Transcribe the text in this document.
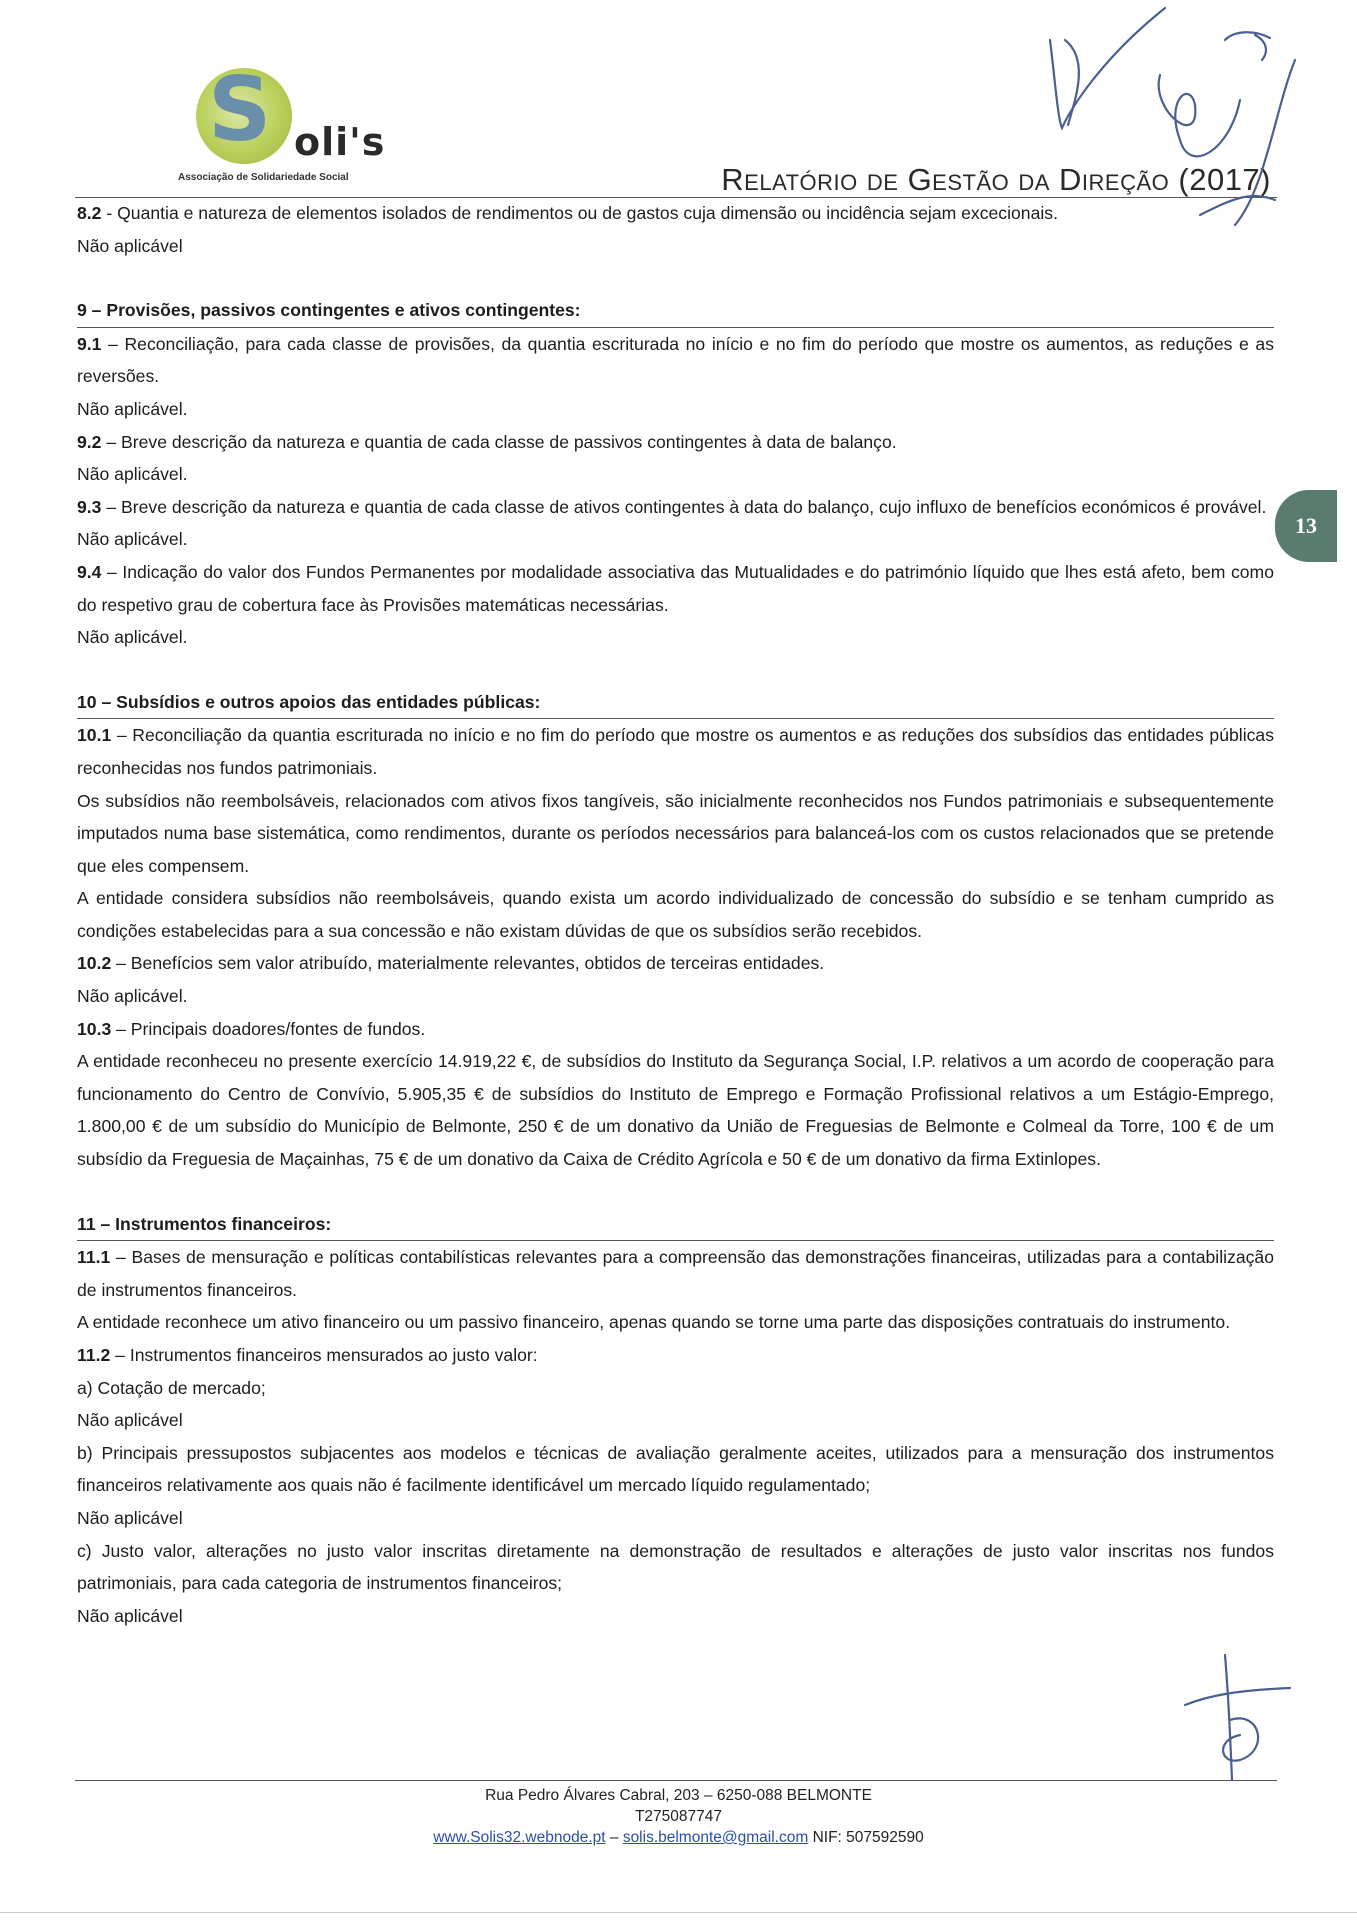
S oli's
Associação de Solidariedade Social	Relatório de Gestão da Direção (2017)
13

8.2 - Quantia e natureza de elementos isolados de rendimentos ou de gastos cuja dimensão ou incidência sejam excecionais.

Não aplicável

9 – Provisões, passivos contingentes e ativos contingentes:

9.1 – Reconciliação, para cada classe de provisões, da quantia escriturada no início e no fim do período que mostre os aumentos, as reduções e as reversões.

Não aplicável.

9.2 – Breve descrição da natureza e quantia de cada classe de passivos contingentes à data de balanço.

Não aplicável.

9.3 – Breve descrição da natureza e quantia de cada classe de ativos contingentes à data do balanço, cujo influxo de benefícios económicos é provável.

Não aplicável.

9.4 – Indicação do valor dos Fundos Permanentes por modalidade associativa das Mutualidades e do património líquido que lhes está afeto, bem como do respetivo grau de cobertura face às Provisões matemáticas necessárias.

Não aplicável.

10 – Subsídios e outros apoios das entidades públicas:

10.1 – Reconciliação da quantia escriturada no início e no fim do período que mostre os aumentos e as reduções dos subsídios das entidades públicas reconhecidas nos fundos patrimoniais.

Os subsídios não reembolsáveis, relacionados com ativos fixos tangíveis, são inicialmente reconhecidos nos Fundos patrimoniais e subsequentemente imputados numa base sistemática, como rendimentos, durante os períodos necessários para balanceá-los com os custos relacionados que se pretende que eles compensem.

A entidade considera subsídios não reembolsáveis, quando exista um acordo individualizado de concessão do subsídio e se tenham cumprido as condições estabelecidas para a sua concessão e não existam dúvidas de que os subsídios serão recebidos.

10.2 – Benefícios sem valor atribuído, materialmente relevantes, obtidos de terceiras entidades.

Não aplicável.

10.3 – Principais doadores/fontes de fundos.

A entidade reconheceu no presente exercício 14.919,22 €, de subsídios do Instituto da Segurança Social, I.P. relativos a um acordo de cooperação para funcionamento do Centro de Convívio, 5.905,35 € de subsídios do Instituto de Emprego e Formação Profissional relativos a um Estágio-Emprego, 1.800,00 € de um subsídio do Município de Belmonte, 250 € de um donativo da União de Freguesias de Belmonte e Colmeal da Torre, 100 € de um subsídio da Freguesia de Maçainhas, 75 € de um donativo da Caixa de Crédito Agrícola e 50 € de um donativo da firma Extinlopes.

11 – Instrumentos financeiros:

11.1 – Bases de mensuração e políticas contabilísticas relevantes para a compreensão das demonstrações financeiras, utilizadas para a contabilização de instrumentos financeiros.

A entidade reconhece um ativo financeiro ou um passivo financeiro, apenas quando se torne uma parte das disposições contratuais do instrumento.

11.2 – Instrumentos financeiros mensurados ao justo valor:

a) Cotação de mercado;

Não aplicável

b) Principais pressupostos subjacentes aos modelos e técnicas de avaliação geralmente aceites, utilizados para a mensuração dos instrumentos financeiros relativamente aos quais não é facilmente identificável um mercado líquido regulamentado;

Não aplicável

c) Justo valor, alterações no justo valor inscritas diretamente na demonstração de resultados e alterações de justo valor inscritas nos fundos patrimoniais, para cada categoria de instrumentos financeiros;

Não aplicável

Rua Pedro Álvares Cabral, 203 – 6250-088 BELMONTE
T275087747
www.Solis32.webnode.pt – solis.belmonte@gmail.com NIF: 507592590
